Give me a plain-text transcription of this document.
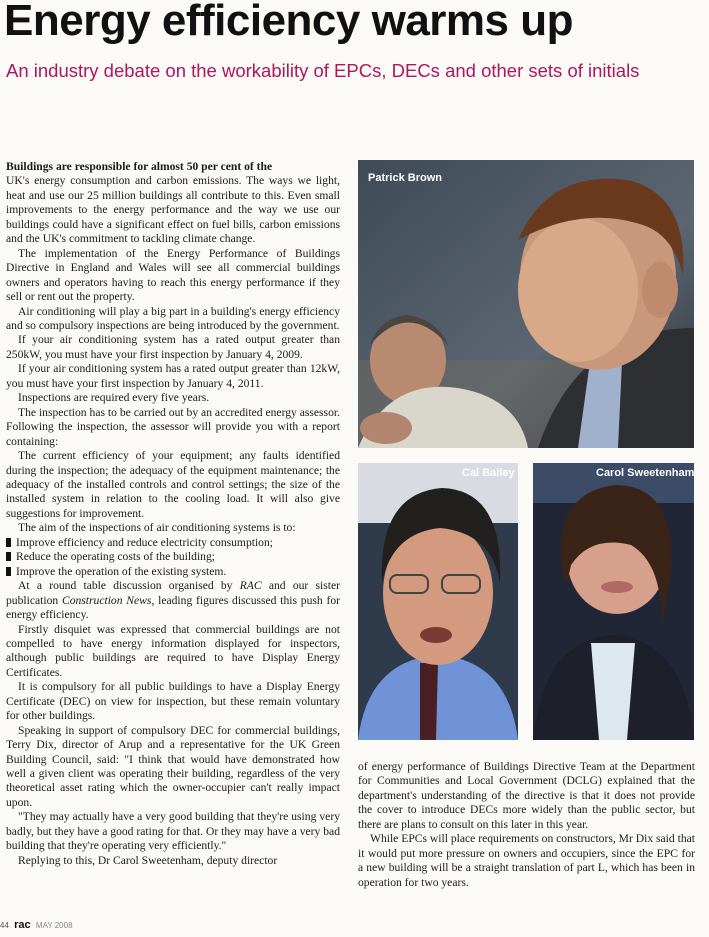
Energy efficiency warms up

An industry debate on the workability of EPCs, DECs and other sets of initials

Buildings are responsible for almost 50 per cent of the
UK's energy consumption and carbon emissions. The ways we light, heat and use our 25 million buildings all contribute to this. Even small improvements to the energy performance and the way we use our buildings could have a significant effect on fuel bills, carbon emissions and the UK's commitment to tackling climate change.

The implementation of the Energy Performance of Buildings Directive in England and Wales will see all commercial buildings owners and operators having to reach this energy performance if they sell or rent out the property.

Air conditioning will play a big part in a building's energy efficiency and so compulsory inspections are being introduced by the government.

If your air conditioning system has a rated output greater than 250kW, you must have your first inspection by January 4, 2009.

If your air conditioning system has a rated output greater than 12kW, you must have your first inspection by January 4, 2011.

Inspections are required every five years.

The inspection has to be carried out by an accredited energy assessor. Following the inspection, the assessor will provide you with a report containing:

The current efficiency of your equipment; any faults identified during the inspection; the adequacy of the equipment maintenance; the adequacy of the installed controls and control settings; the size of the installed system in relation to the cooling load. It will also give suggestions for improvement.

The aim of the inspections of air conditioning systems is to:

Improve efficiency and reduce electricity consumption;

Reduce the operating costs of the building;

Improve the operation of the existing system.

At a round table discussion organised by RAC and our sister publication Construction News, leading figures discussed this push for energy efficiency.

Firstly disquiet was expressed that commercial buildings are not compelled to have energy information displayed for inspectors, although public buildings are required to have Display Energy Certificates.

It is compulsory for all public buildings to have a Display Energy Certificate (DEC) on view for inspection, but these remain voluntary for other buildings.

Speaking in support of compulsory DEC for commercial buildings, Terry Dix, director of Arup and a representative for the UK Green Building Council, said: "I think that would have demonstrated how well a given client was operating their building, regardless of the very theoretical asset rating which the owner-occupier can't really impact upon.

"They may actually have a very good building that they're using very badly, but they have a good rating for that. Or they may have a very bad building that they're operating very efficiently."

Replying to this, Dr Carol Sweetenham, deputy director

Patrick Brown
Cal Bailey	Carol Sweetenham

of energy performance of Buildings Directive Team at the Department for Communities and Local Government (DCLG) explained that the department's understanding of the directive is that it does not provide the cover to introduce DECs more widely than the public sector, but there are plans to consult on this later in this year.

While EPCs will place requirements on constructors, Mr Dix said that it would put more pressure on owners and occupiers, since the EPC for a new building will be a straight translation of part L, which has been in operation for two years.

44 rac MAY 2008
